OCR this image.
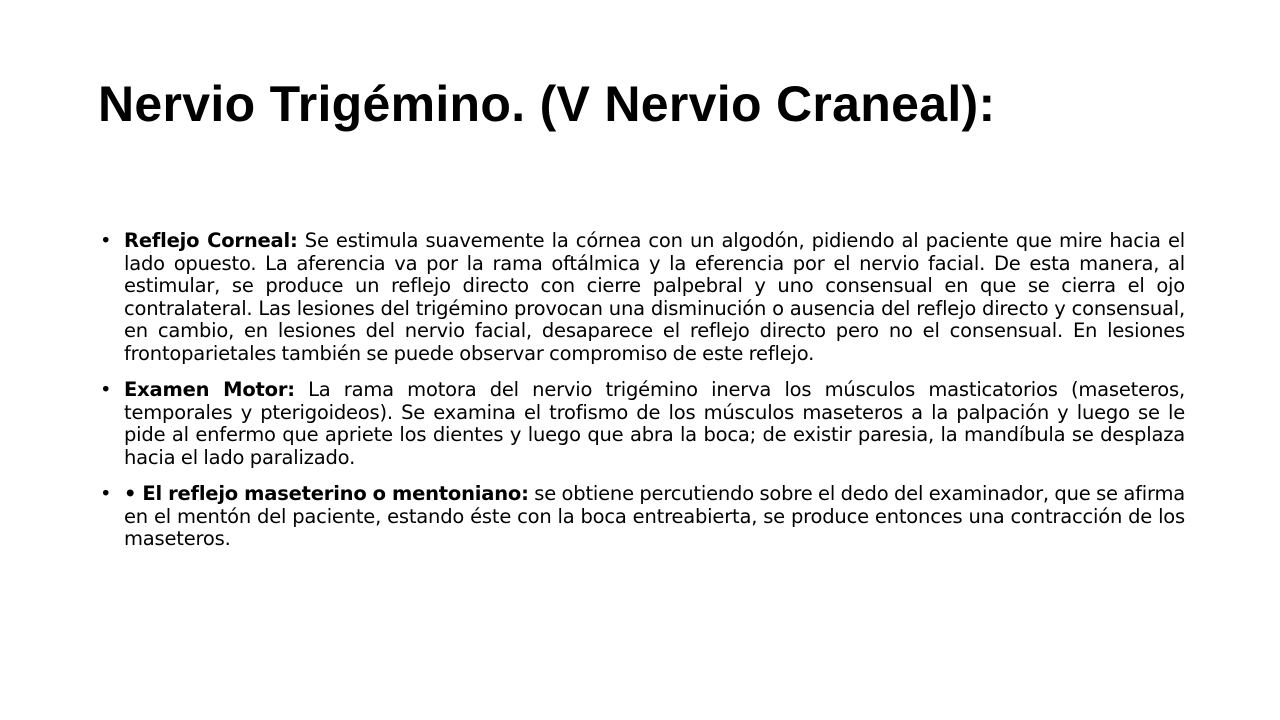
Nervio Trigémino. (V Nervio Craneal):
• Reflejo Corneal: Se estimula suavemente la córnea con un algodón, pidiendo al paciente que mire hacia el lado opuesto. La aferencia va por la rama oftálmica y la eferencia por el nervio facial. De esta manera, al estimular, se produce un reflejo directo con cierre palpebral y uno consensual en que se cierra el ojo contralateral. Las lesiones del trigémino provocan una disminución o ausencia del reflejo directo y consensual, en cambio, en lesiones del nervio facial, desaparece el reflejo directo pero no el consensual. En lesiones frontoparietales también se puede observar compromiso de este reflejo.
• Examen Motor: La rama motora del nervio trigémino inerva los músculos masticatorios (maseteros, temporales y pterigoideos). Se examina el trofismo de los músculos maseteros a la palpación y luego se le pide al enfermo que apriete los dientes y luego que abra la boca; de existir paresia, la mandíbula se desplaza hacia el lado paralizado.
• • El reflejo maseterino o mentoniano: se obtiene percutiendo sobre el dedo del examinador, que se afirma en el mentón del paciente, estando éste con la boca entreabierta, se produce entonces una contracción de los maseteros.
